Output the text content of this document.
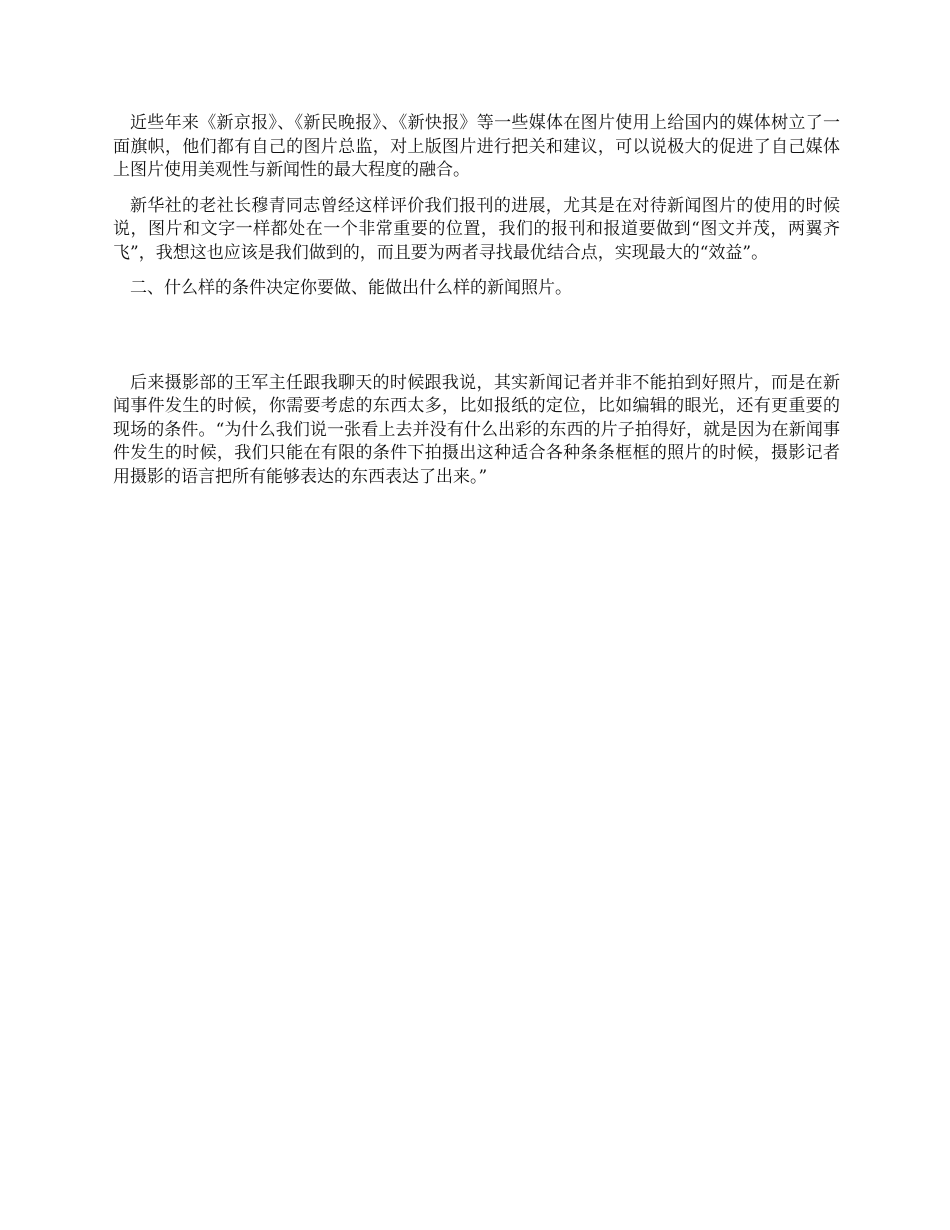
近些年来《新京报》、《新民晚报》、《新快报》等一些媒体在图片使用上给国内的媒体树立了一面旗帜，他们都有自己的图片总监，对上版图片进行把关和建议，可以说极大的促进了自己媒体上图片使用美观性与新闻性的最大程度的融合。

新华社的老社长穆青同志曾经这样评价我们报刊的进展，尤其是在对待新闻图片的使用的时候说，图片和文字一样都处在一个非常重要的位置，我们的报刊和报道要做到“图文并茂，两翼齐飞”，我想这也应该是我们做到的，而且要为两者寻找最优结合点，实现最大的“效益”。

二、什么样的条件决定你要做、能做出什么样的新闻照片。

后来摄影部的王军主任跟我聊天的时候跟我说，其实新闻记者并非不能拍到好照片，而是在新闻事件发生的时候，你需要考虑的东西太多，比如报纸的定位，比如编辑的眼光，还有更重要的现场的条件。“为什么我们说一张看上去并没有什么出彩的东西的片子拍得好，就是因为在新闻事件发生的时候，我们只能在有限的条件下拍摄出这种适合各种条条框框的照片的时候，摄影记者用摄影的语言把所有能够表达的东西表达了出来。”
